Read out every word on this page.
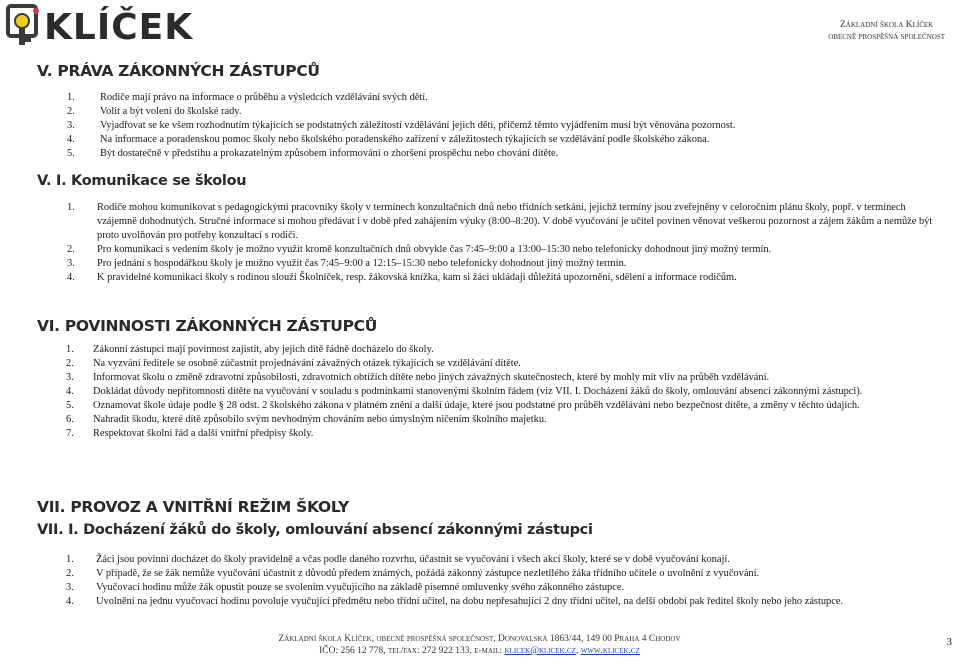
KLÍČEK	Základní škola Klíček
obecně prospěšná společnost
V. PRÁVA ZÁKONNÝCH ZÁSTUPCŮ
1. Rodiče mají právo na informace o průběhu a výsledcích vzdělávání svých dětí.
2. Volit a být voleni do školské rady.
3. Vyjadřovat se ke všem rozhodnutím týkajících se podstatných záležitostí vzdělávání jejich dětí, přičemž těmto vyjádřením musí být věnována pozornost.
4. Na informace a poradenskou pomoc školy nebo školského poradenského zařízení v záležitostech týkajících se vzdělávání podle školského zákona.
5. Být dostatečně v předstihu a prokazatelným způsobem informováni o zhoršení prospěchu nebo chování dítěte.
V. I. Komunikace se školou
1. Rodiče mohou komunikovat s pedagogickými pracovníky školy v termínech konzultačních dnů nebo třídních setkání, jejichž termíny jsou zveřejněny v celoročním plánu školy, popř. v termínech vzájemně dohodnutých. Stručné informace si mohou předávat i v době před zahájením výuky (8:00–8:20). V době vyučování je učitel povinen věnovat veškerou pozornost a zájem žákům a nemůže být proto uvolňován pro potřeby konzultací s rodiči.
2. Pro komunikaci s vedením školy je možno využít kromě konzultačních dnů obvykle čas 7:45–9:00 a 13:00–15:30 nebo telefonicky dohodnout jiný možný termín.
3. Pro jednání s hospodářkou školy je možno využít čas 7:45–9:00 a 12:15–15:30 nebo telefonicky dohodnout jiný možný termín.
4. K pravidelné komunikaci školy s rodinou slouží Školníček, resp. žákovská knížka, kam si žáci ukládají důležitá upozornění, sdělení a informace rodičům.
VI. POVINNOSTI ZÁKONNÝCH ZÁSTUPCŮ
1. Zákonní zástupci mají povinnost zajistit, aby jejich dítě řádně docházelo do školy.
2. Na vyzvání ředitele se osobně zúčastnit projednávání závažných otázek týkajících se vzdělávání dítěte.
3. Informovat školu o změně zdravotní způsobilosti, zdravotních obtížích dítěte nebo jiných závažných skutečnostech, které by mohly mít vliv na průběh vzdělávání.
4. Dokládat důvody nepřítomnosti dítěte na vyučování v souladu s podmínkami stanovenými školním řádem (viz VII. I. Docházení žáků do školy, omlouvání absencí zákonnými zástupci).
5. Oznamovat škole údaje podle § 28 odst. 2 školského zákona v platném znění a další údaje, které jsou podstatné pro průběh vzdělávání nebo bezpečnost dítěte, a změny v těchto údajích.
6. Nahradit škodu, které dítě způsobilo svým nevhodným chováním nebo úmyslným ničením školního majetku.
7. Respektovat školní řád a další vnitřní předpisy školy.
VII. PROVOZ A VNITŘNÍ REŽIM ŠKOLY
VII. I. Docházení žáků do školy, omlouvání absencí zákonnými zástupci
1. Žáci jsou povinni docházet do školy pravidelně a včas podle daného rozvrhu, účastnit se vyučování i všech akcí školy, které se v době vyučování konají.
2. V případě, že se žák nemůže vyučování účastnit z důvodů předem známých, požádá zákonný zástupce nezletilého žáka třídního učitele o uvolnění z vyučování.
3. Vyučovací hodinu může žák opustit pouze se svolením vyučujícího na základě písemné omluvenky svého zákonného zástupce.
4. Uvolnění na jednu vyučovací hodinu povoluje vyučující předmětu nebo třídní učitel, na dobu nepřesahující 2 dny třídní učitel, na delší období pak ředitel školy nebo jeho zástupce.
Základní škola Klíček, obecně prospěšná společnost, Donovalská 1863/44, 149 00 Praha 4 Chodov
IČO: 256 12 778, tel/fax: 272 922 133, e-mail: klicek@klicek.cz, www.klicek.cz
3
